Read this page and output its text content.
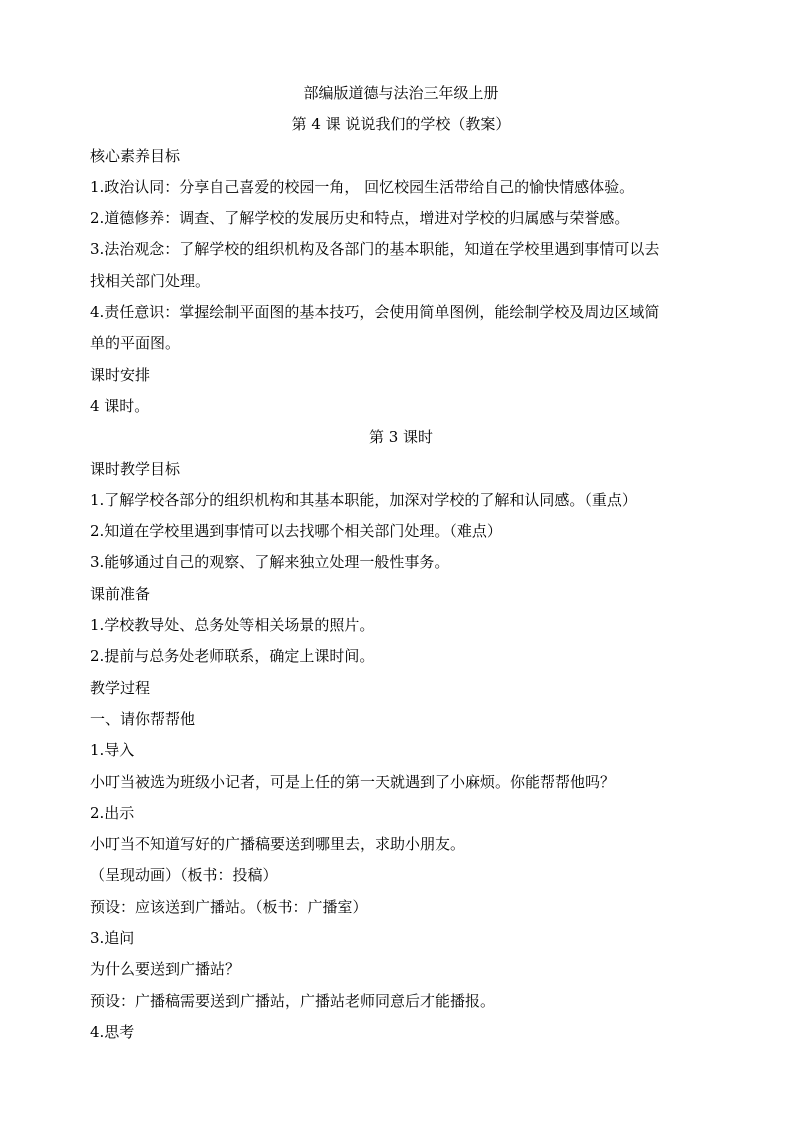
部编版道德与法治三年级上册
第 4 课 说说我们的学校（教案）
核心素养目标
1.政治认同：分享自己喜爱的校园一角， 回忆校园生活带给自己的愉快情感体验。
2.道德修养：调查、了解学校的发展历史和特点，增进对学校的归属感与荣誉感。
3.法治观念：了解学校的组织机构及各部门的基本职能，知道在学校里遇到事情可以去
找相关部门处理。
4.责任意识：掌握绘制平面图的基本技巧，会使用简单图例，能绘制学校及周边区域简
单的平面图。
课时安排
4 课时。
第 3 课时
课时教学目标
1.了解学校各部分的组织机构和其基本职能，加深对学校的了解和认同感。（重点）
2.知道在学校里遇到事情可以去找哪个相关部门处理。（难点）
3.能够通过自己的观察、了解来独立处理一般性事务。
课前准备
1.学校教导处、总务处等相关场景的照片。
2.提前与总务处老师联系，确定上课时间。
教学过程
一、请你帮帮他
1.导入
小叮当被选为班级小记者，可是上任的第一天就遇到了小麻烦。你能帮帮他吗？
2.出示
小叮当不知道写好的广播稿要送到哪里去，求助小朋友。
（呈现动画）（板书：投稿）
预设：应该送到广播站。（板书：广播室）
3.追问
为什么要送到广播站？
预设：广播稿需要送到广播站，广播站老师同意后才能播报。
4.思考
